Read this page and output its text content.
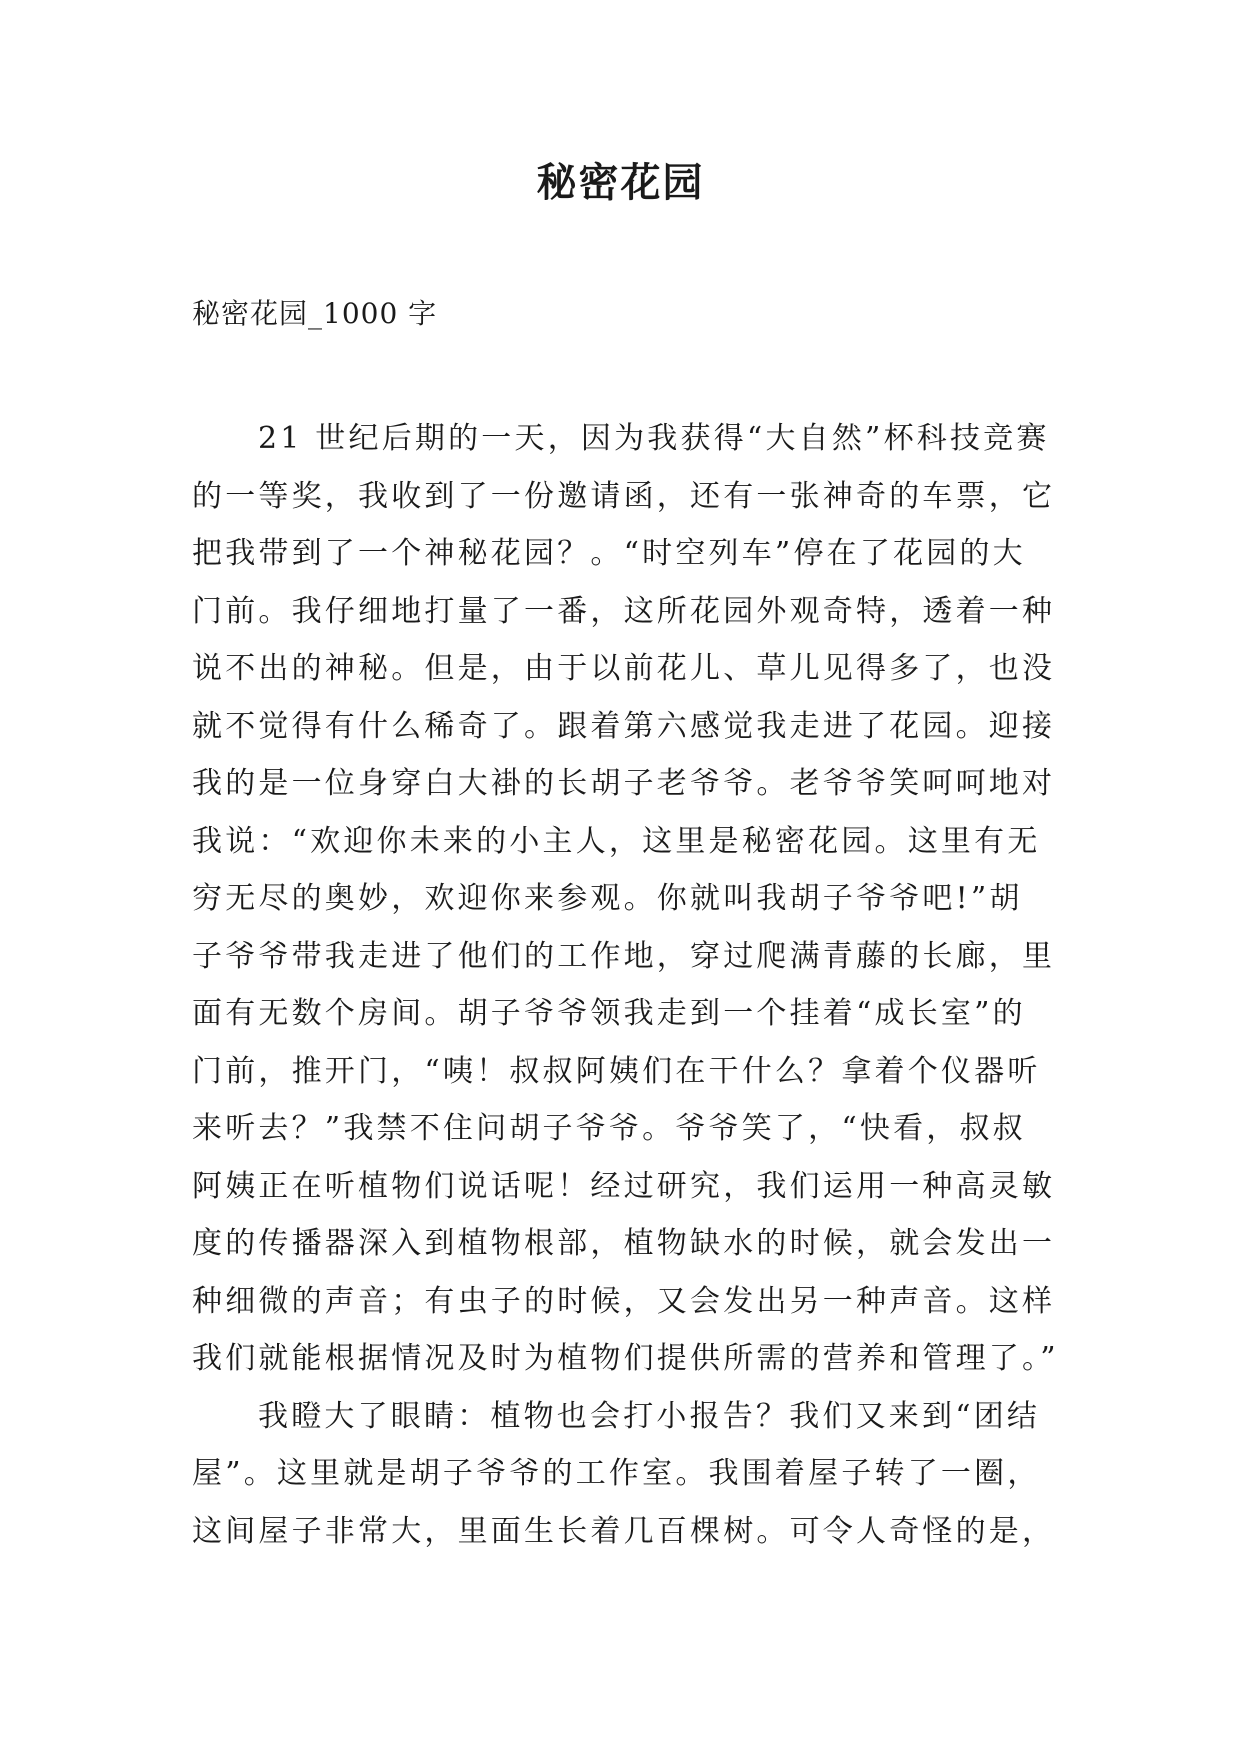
秘密花园

秘密花园_1000 字

21 世纪后期的一天，因为我获得“大自然”杯科技竞赛
的一等奖，我收到了一份邀请函，还有一张神奇的车票，它
把我带到了一个神秘花园？。“时空列车”停在了花园的大
门前。我仔细地打量了一番，这所花园外观奇特，透着一种
说不出的神秘。但是，由于以前花儿、草儿见得多了，也没
就不觉得有什么稀奇了。跟着第六感觉我走进了花园。迎接
我的是一位身穿白大褂的长胡子老爷爷。老爷爷笑呵呵地对
我说：“欢迎你未来的小主人，这里是秘密花园。这里有无
穷无尽的奥妙，欢迎你来参观。你就叫我胡子爷爷吧!”胡
子爷爷带我走进了他们的工作地，穿过爬满青藤的长廊，里
面有无数个房间。胡子爷爷领我走到一个挂着“成长室”的
门前，推开门，“咦！叔叔阿姨们在干什么？拿着个仪器听
来听去？”我禁不住问胡子爷爷。爷爷笑了，“快看，叔叔
阿姨正在听植物们说话呢！经过研究，我们运用一种高灵敏
度的传播器深入到植物根部，植物缺水的时候，就会发出一
种细微的声音；有虫子的时候，又会发出另一种声音。这样
我们就能根据情况及时为植物们提供所需的营养和管理了。”
我瞪大了眼睛：植物也会打小报告？我们又来到“团结
屋”。这里就是胡子爷爷的工作室。我围着屋子转了一圈，
这间屋子非常大，里面生长着几百棵树。可令人奇怪的是，
